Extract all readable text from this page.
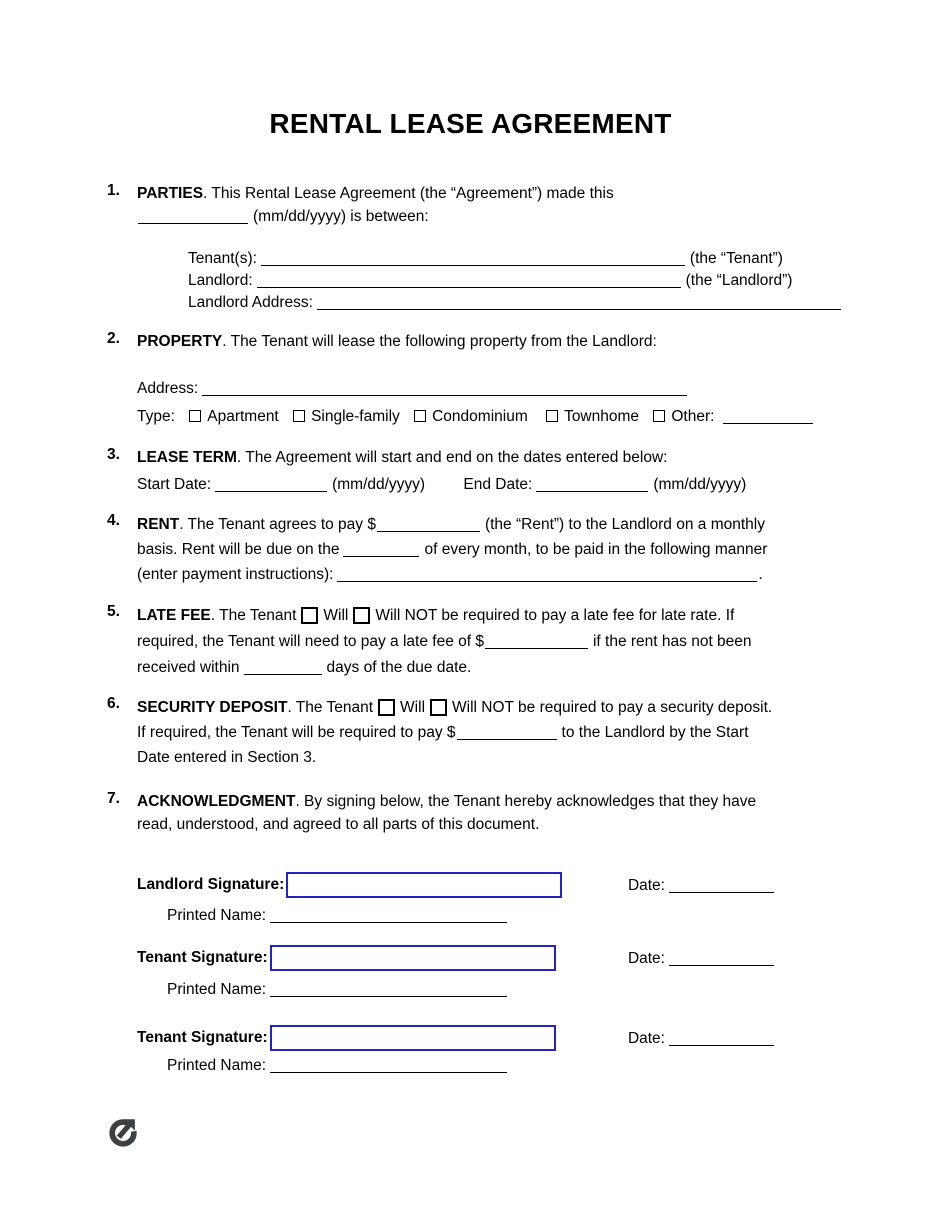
RENTAL LEASE AGREEMENT
1.	PARTIES. This Rental Lease Agreement (the “Agreement”) made this
(mm/dd/yyyy) is between:
Tenant(s):	(the “Tenant”)
Landlord:	(the “Landlord”)
Landlord Address:
2.	PROPERTY. The Tenant will lease the following property from the Landlord:
Address:
Type: Apartment Single-family Condominium Townhome Other:
3.	LEASE TERM. The Agreement will start and end on the dates entered below:
Start Date:	(mm/dd/yyyy) End Date:	(mm/dd/yyyy)
4.	RENT. The Tenant agrees to pay $	(the “Rent”) to the Landlord on a monthly
basis. Rent will be due on the	of every month, to be paid in the following manner
(enter payment instructions):	.
5.	LATE FEE. The Tenant Will Will NOT be required to pay a late fee for late rate. If
required, the Tenant will need to pay a late fee of $	if the rent has not been
received within	days of the due date.
6.	SECURITY DEPOSIT. The Tenant Will Will NOT be required to pay a security deposit.
If required, the Tenant will be required to pay $	to the Landlord by the Start
Date entered in Section 3.
7.	ACKNOWLEDGMENT. By signing below, the Tenant hereby acknowledges that they have
read, understood, and agreed to all parts of this document.
Landlord Signature:	Date:
Printed Name:
Tenant Signature:	Date:
Printed Name:
Tenant Signature:	Date:
Printed Name:
